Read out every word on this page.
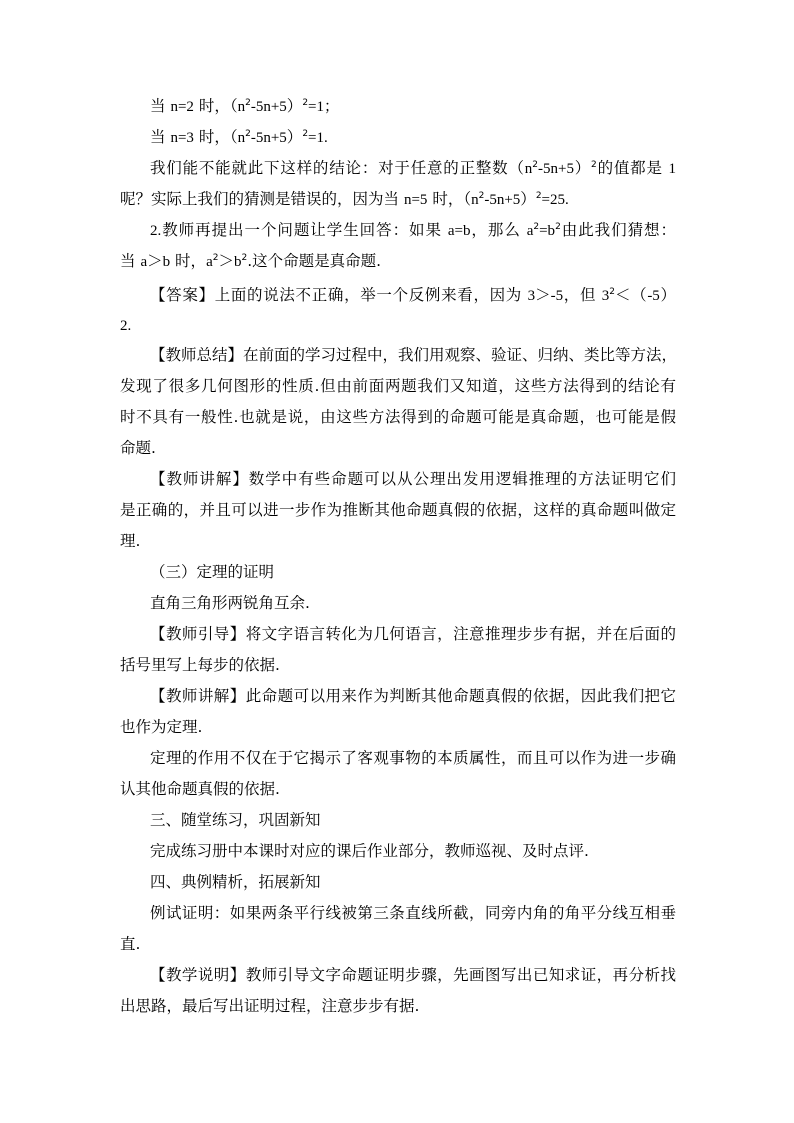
当 n=2 时，$(n^2-5n+5)^2=1$；
当 n=3 时，$(n^2-5n+5)^2=1$.
我们能不能就此下这样的结论：对于任意的正整数$(n^2-5n+5)^2$的值都是 1
呢？实际上我们的猜测是错误的，因为当 n=5 时，$(n^2-5n+5)^2=25$.
2.教师再提出一个问题让学生回答：如果 a=b，那么 $a^2=b^2$由此我们猜想：
当 a＞b 时，$a^2>b^2$.这个命题是真命题.
【答案】上面的说法不正确，举一个反例来看，因为 3＞-5，但 $3^2<(-5)$
2.
【教师总结】在前面的学习过程中，我们用观察、验证、归纳、类比等方法，
发现了很多几何图形的性质.但由前面两题我们又知道，这些方法得到的结论有
时不具有一般性.也就是说，由这些方法得到的命题可能是真命题，也可能是假
命题.
【教师讲解】数学中有些命题可以从公理出发用逻辑推理的方法证明它们
是正确的，并且可以进一步作为推断其他命题真假的依据，这样的真命题叫做定
理.
（三）定理的证明
直角三角形两锐角互余.
【教师引导】将文字语言转化为几何语言，注意推理步步有据，并在后面的
括号里写上每步的依据.
【教师讲解】此命题可以用来作为判断其他命题真假的依据，因此我们把它
也作为定理.
定理的作用不仅在于它揭示了客观事物的本质属性，而且可以作为进一步确
认其他命题真假的依据.
三、随堂练习，巩固新知
完成练习册中本课时对应的课后作业部分，教师巡视、及时点评.
四、典例精析，拓展新知
例试证明：如果两条平行线被第三条直线所截，同旁内角的角平分线互相垂
直.
【教学说明】教师引导文字命题证明步骤，先画图写出已知求证，再分析找
出思路，最后写出证明过程，注意步步有据.
